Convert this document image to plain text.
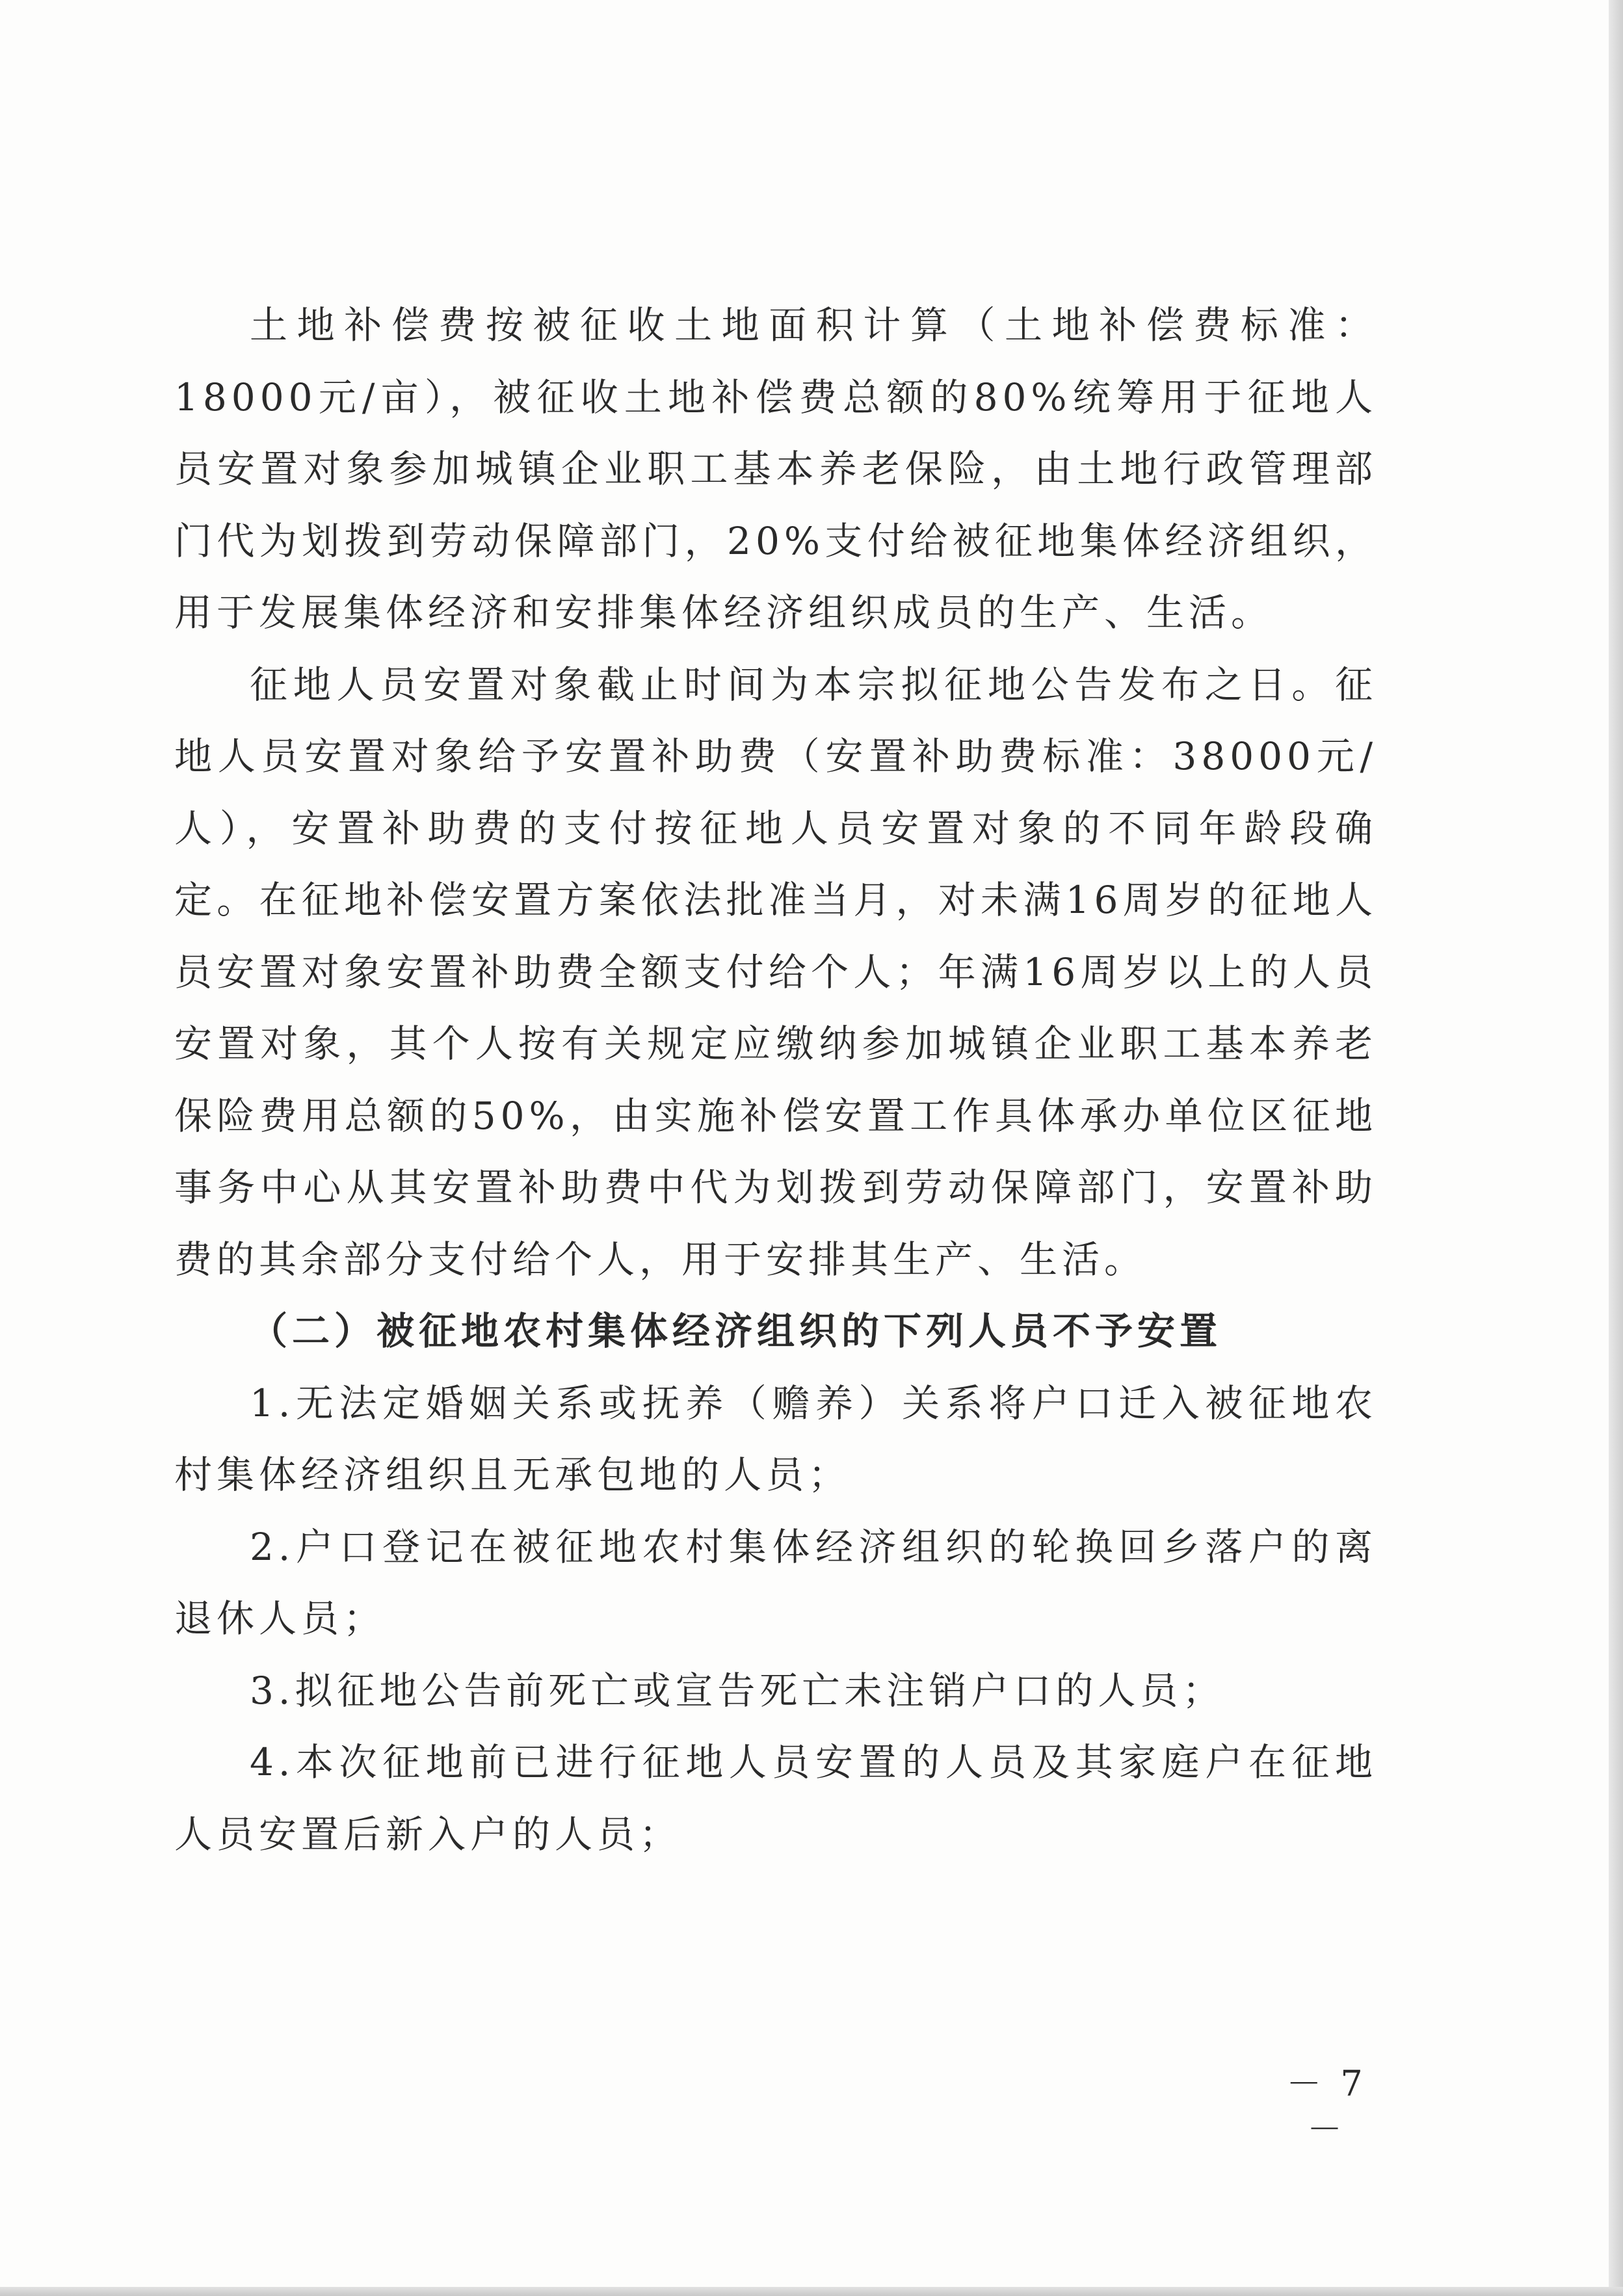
土地补偿费按被征收土地面积计算（土地补偿费标准：18000元/亩），被征收土地补偿费总额的80%统筹用于征地人员安置对象参加城镇企业职工基本养老保险，由土地行政管理部门代为划拨到劳动保障部门，20%支付给被征地集体经济组织，用于发展集体经济和安排集体经济组织成员的生产、生活。

征地人员安置对象截止时间为本宗拟征地公告发布之日。征地人员安置对象给予安置补助费（安置补助费标准：38000元/人），安置补助费的支付按征地人员安置对象的不同年龄段确定。在征地补偿安置方案依法批准当月，对未满16周岁的征地人员安置对象安置补助费全额支付给个人；年满16周岁以上的人员安置对象，其个人按有关规定应缴纳参加城镇企业职工基本养老保险费用总额的50%，由实施补偿安置工作具体承办单位区征地事务中心从其安置补助费中代为划拨到劳动保障部门，安置补助费的其余部分支付给个人，用于安排其生产、生活。

（二）被征地农村集体经济组织的下列人员不予安置

1.无法定婚姻关系或抚养（赡养）关系将户口迁入被征地农村集体经济组织且无承包地的人员；

2.户口登记在被征地农村集体经济组织的轮换回乡落户的离退休人员；

3.拟征地公告前死亡或宣告死亡未注销户口的人员；

4.本次征地前已进行征地人员安置的人员及其家庭户在征地人员安置后新入户的人员；

－ 7 －
